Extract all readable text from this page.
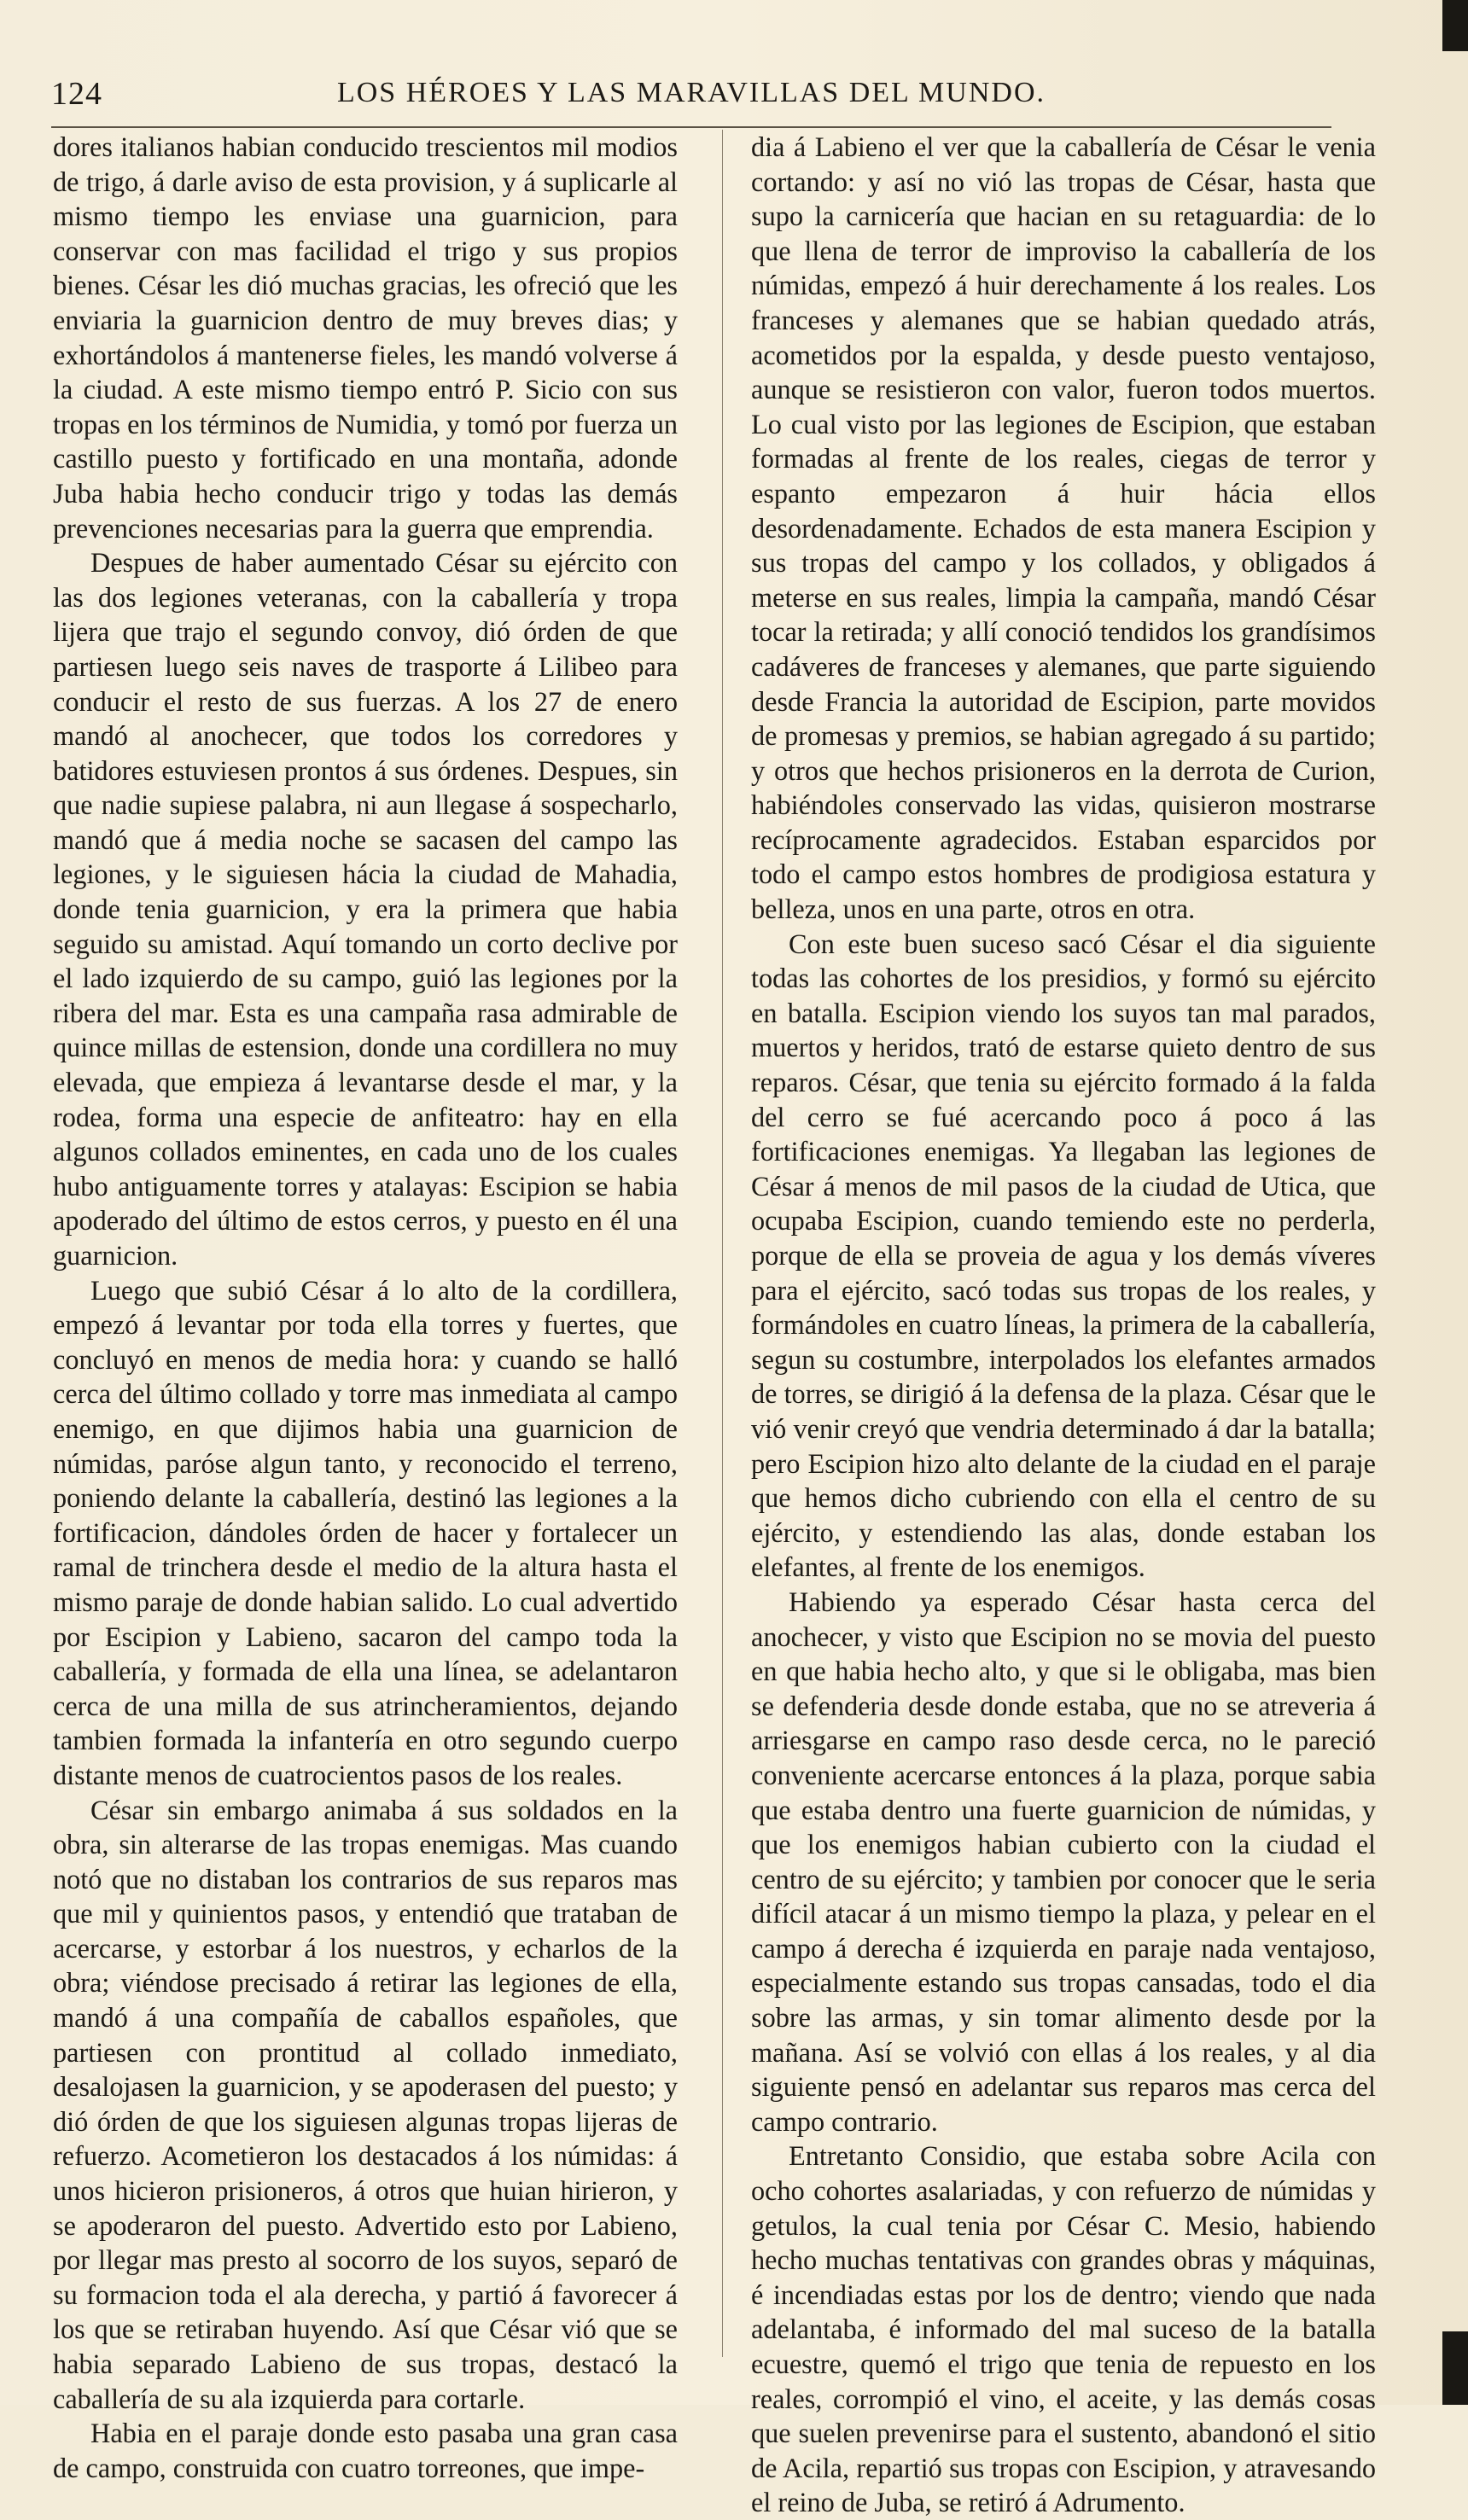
124	LOS HÉROES Y LAS MARAVILLAS DEL MUNDO.

dores italianos habian conducido trescientos mil modios de trigo, á darle aviso de esta provision, y á suplicarle al mismo tiempo les enviase una guarnicion, para conservar con mas facilidad el trigo y sus propios bienes. César les dió muchas gracias, les ofreció que les enviaria la guarnicion dentro de muy breves dias; y exhortándolos á mantenerse fieles, les mandó volverse á la ciudad. A este mismo tiempo entró P. Sicio con sus tropas en los términos de Numidia, y tomó por fuerza un castillo puesto y fortificado en una montaña, adonde Juba habia hecho conducir trigo y todas las demás prevenciones necesarias para la guerra que emprendia.

Despues de haber aumentado César su ejército con las dos legiones veteranas, con la caballería y tropa lijera que trajo el segundo convoy, dió órden de que partiesen luego seis naves de trasporte á Lilibeo para conducir el resto de sus fuerzas. A los 27 de enero mandó al anochecer, que todos los corredores y batidores estuviesen prontos á sus órdenes. Despues, sin que nadie supiese palabra, ni aun llegase á sospecharlo, mandó que á media noche se sacasen del campo las legiones, y le siguiesen hácia la ciudad de Mahadia, donde tenia guarnicion, y era la primera que habia seguido su amistad. Aquí tomando un corto declive por el lado izquierdo de su campo, guió las legiones por la ribera del mar. Esta es una campaña rasa admirable de quince millas de estension, donde una cordillera no muy elevada, que empieza á levantarse desde el mar, y la rodea, forma una especie de anfiteatro: hay en ella algunos collados eminentes, en cada uno de los cuales hubo antiguamente torres y atalayas: Escipion se habia apoderado del último de estos cerros, y puesto en él una guarnicion.

Luego que subió César á lo alto de la cordillera, empezó á levantar por toda ella torres y fuertes, que concluyó en menos de media hora: y cuando se halló cerca del último collado y torre mas inmediata al campo enemigo, en que dijimos habia una guarnicion de númidas, paróse algun tanto, y reconocido el terreno, poniendo delante la caballería, destinó las legiones a la fortificacion, dándoles órden de hacer y fortalecer un ramal de trinchera desde el medio de la altura hasta el mismo paraje de donde habian salido. Lo cual advertido por Escipion y Labieno, sacaron del campo toda la caballería, y formada de ella una línea, se adelantaron cerca de una milla de sus atrincheramientos, dejando tambien formada la infantería en otro segundo cuerpo distante menos de cuatrocientos pasos de los reales.

César sin embargo animaba á sus soldados en la obra, sin alterarse de las tropas enemigas. Mas cuando notó que no distaban los contrarios de sus reparos mas que mil y quinientos pasos, y entendió que trataban de acercarse, y estorbar á los nuestros, y echarlos de la obra; viéndose precisado á retirar las legiones de ella, mandó á una compañía de caballos españoles, que partiesen con prontitud al collado inmediato, desalojasen la guarnicion, y se apoderasen del puesto; y dió órden de que los siguiesen algunas tropas lijeras de refuerzo. Acometieron los destacados á los númidas: á unos hicieron prisioneros, á otros que huian hirieron, y se apoderaron del puesto. Advertido esto por Labieno, por llegar mas presto al socorro de los suyos, separó de su formacion toda el ala derecha, y partió á favorecer á los que se retiraban huyendo. Así que César vió que se habia separado Labieno de sus tropas, destacó la caballería de su ala izquierda para cortarle.

Habia en el paraje donde esto pasaba una gran casa de campo, construida con cuatro torreones, que impe-

dia á Labieno el ver que la caballería de César le venia cortando: y así no vió las tropas de César, hasta que supo la carnicería que hacian en su retaguardia: de lo que llena de terror de improviso la caballería de los númidas, empezó á huir derechamente á los reales. Los franceses y alemanes que se habian quedado atrás, acometidos por la espalda, y desde puesto ventajoso, aunque se resistieron con valor, fueron todos muertos. Lo cual visto por las legiones de Escipion, que estaban formadas al frente de los reales, ciegas de terror y espanto empezaron á huir hácia ellos desordenadamente. Echados de esta manera Escipion y sus tropas del campo y los collados, y obligados á meterse en sus reales, limpia la campaña, mandó César tocar la retirada; y allí conoció tendidos los grandísimos cadáveres de franceses y alemanes, que parte siguiendo desde Francia la autoridad de Escipion, parte movidos de promesas y premios, se habian agregado á su partido; y otros que hechos prisioneros en la derrota de Curion, habiéndoles conservado las vidas, quisieron mostrarse recíprocamente agradecidos. Estaban esparcidos por todo el campo estos hombres de prodigiosa estatura y belleza, unos en una parte, otros en otra.

Con este buen suceso sacó César el dia siguiente todas las cohortes de los presidios, y formó su ejército en batalla. Escipion viendo los suyos tan mal parados, muertos y heridos, trató de estarse quieto dentro de sus reparos. César, que tenia su ejército formado á la falda del cerro se fué acercando poco á poco á las fortificaciones enemigas. Ya llegaban las legiones de César á menos de mil pasos de la ciudad de Utica, que ocupaba Escipion, cuando temiendo este no perderla, porque de ella se proveia de agua y los demás víveres para el ejército, sacó todas sus tropas de los reales, y formándoles en cuatro líneas, la primera de la caballería, segun su costumbre, interpolados los elefantes armados de torres, se dirigió á la defensa de la plaza. César que le vió venir creyó que vendria determinado á dar la batalla; pero Escipion hizo alto delante de la ciudad en el paraje que hemos dicho cubriendo con ella el centro de su ejército, y estendiendo las alas, donde estaban los elefantes, al frente de los enemigos.

Habiendo ya esperado César hasta cerca del anochecer, y visto que Escipion no se movia del puesto en que habia hecho alto, y que si le obligaba, mas bien se defenderia desde donde estaba, que no se atreveria á arriesgarse en campo raso desde cerca, no le pareció conveniente acercarse entonces á la plaza, porque sabia que estaba dentro una fuerte guarnicion de númidas, y que los enemigos habian cubierto con la ciudad el centro de su ejército; y tambien por conocer que le seria difícil atacar á un mismo tiempo la plaza, y pelear en el campo á derecha é izquierda en paraje nada ventajoso, especialmente estando sus tropas cansadas, todo el dia sobre las armas, y sin tomar alimento desde por la mañana. Así se volvió con ellas á los reales, y al dia siguiente pensó en adelantar sus reparos mas cerca del campo contrario.

Entretanto Considio, que estaba sobre Acila con ocho cohortes asalariadas, y con refuerzo de númidas y getulos, la cual tenia por César C. Mesio, habiendo hecho muchas tentativas con grandes obras y máquinas, é incendiadas estas por los de dentro; viendo que nada adelantaba, é informado del mal suceso de la batalla ecuestre, quemó el trigo que tenia de repuesto en los reales, corrompió el vino, el aceite, y las demás cosas que suelen prevenirse para el sustento, abandonó el sitio de Acila, repartió sus tropas con Escipion, y atravesando el reino de Juba, se retiró á Adrumento.
